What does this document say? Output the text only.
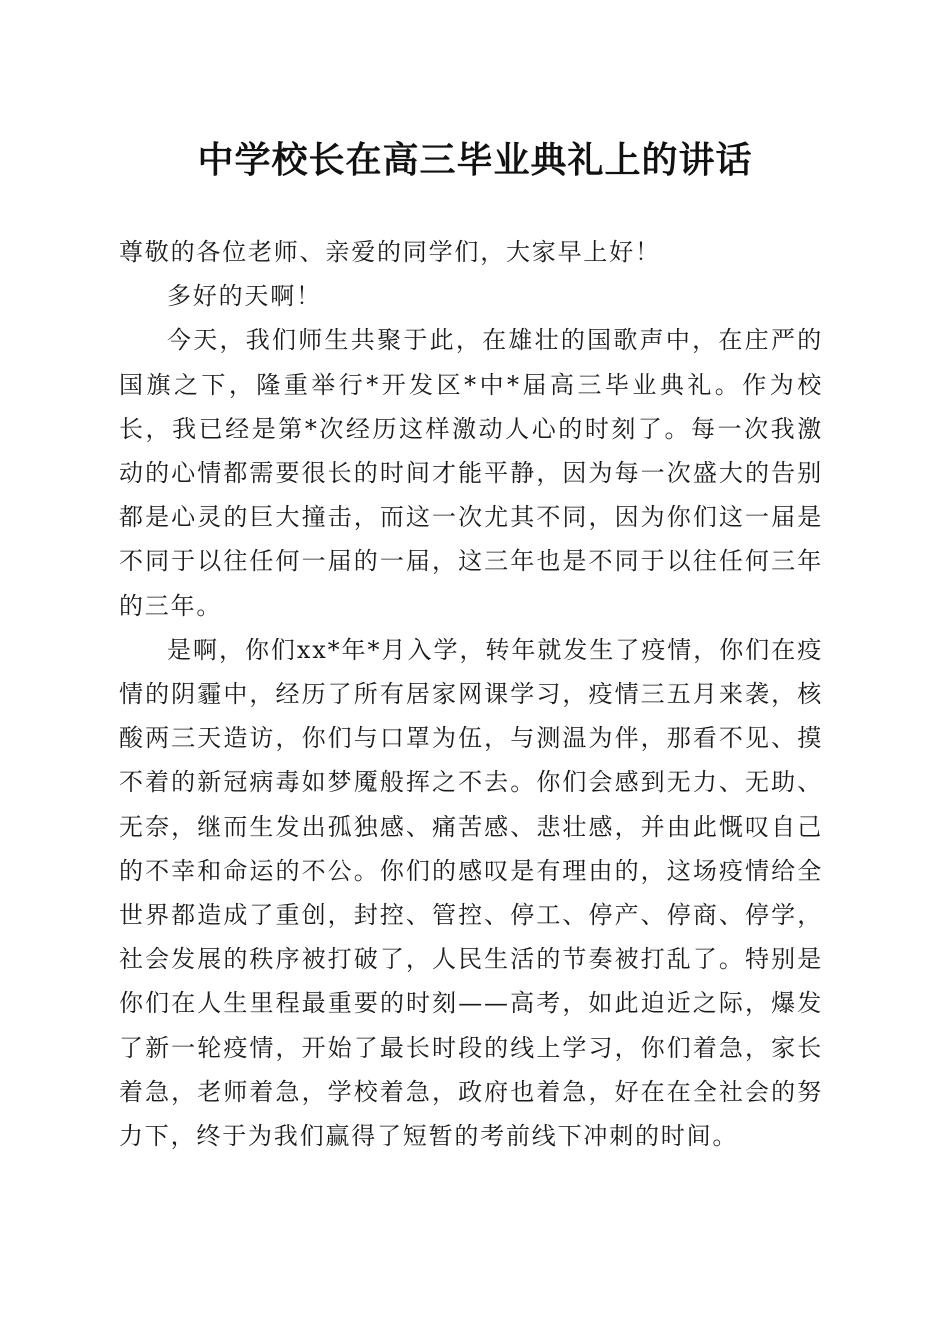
中学校长在高三毕业典礼上的讲话

尊敬的各位老师、亲爱的同学们，大家早上好！

多好的天啊！

今天，我们师生共聚于此，在雄壮的国歌声中，在庄严的国旗之下，隆重举行*开发区*中*届高三毕业典礼。作为校长，我已经是第*次经历这样激动人心的时刻了。每一次我激动的心情都需要很长的时间才能平静，因为每一次盛大的告别都是心灵的巨大撞击，而这一次尤其不同，因为你们这一届是不同于以往任何一届的一届，这三年也是不同于以往任何三年的三年。

是啊，你们xx*年*月入学，转年就发生了疫情，你们在疫情的阴霾中，经历了所有居家网课学习，疫情三五月来袭，核酸两三天造访，你们与口罩为伍，与测温为伴，那看不见、摸不着的新冠病毒如梦魇般挥之不去。你们会感到无力、无助、无奈，继而生发出孤独感、痛苦感、悲壮感，并由此慨叹自己的不幸和命运的不公。你们的感叹是有理由的，这场疫情给全世界都造成了重创，封控、管控、停工、停产、停商、停学，社会发展的秩序被打破了，人民生活的节奏被打乱了。特别是你们在人生里程最重要的时刻——高考，如此迫近之际，爆发了新一轮疫情，开始了最长时段的线上学习，你们着急，家长着急，老师着急，学校着急，政府也着急，好在在全社会的努力下，终于为我们赢得了短暂的考前线下冲刺的时间。
